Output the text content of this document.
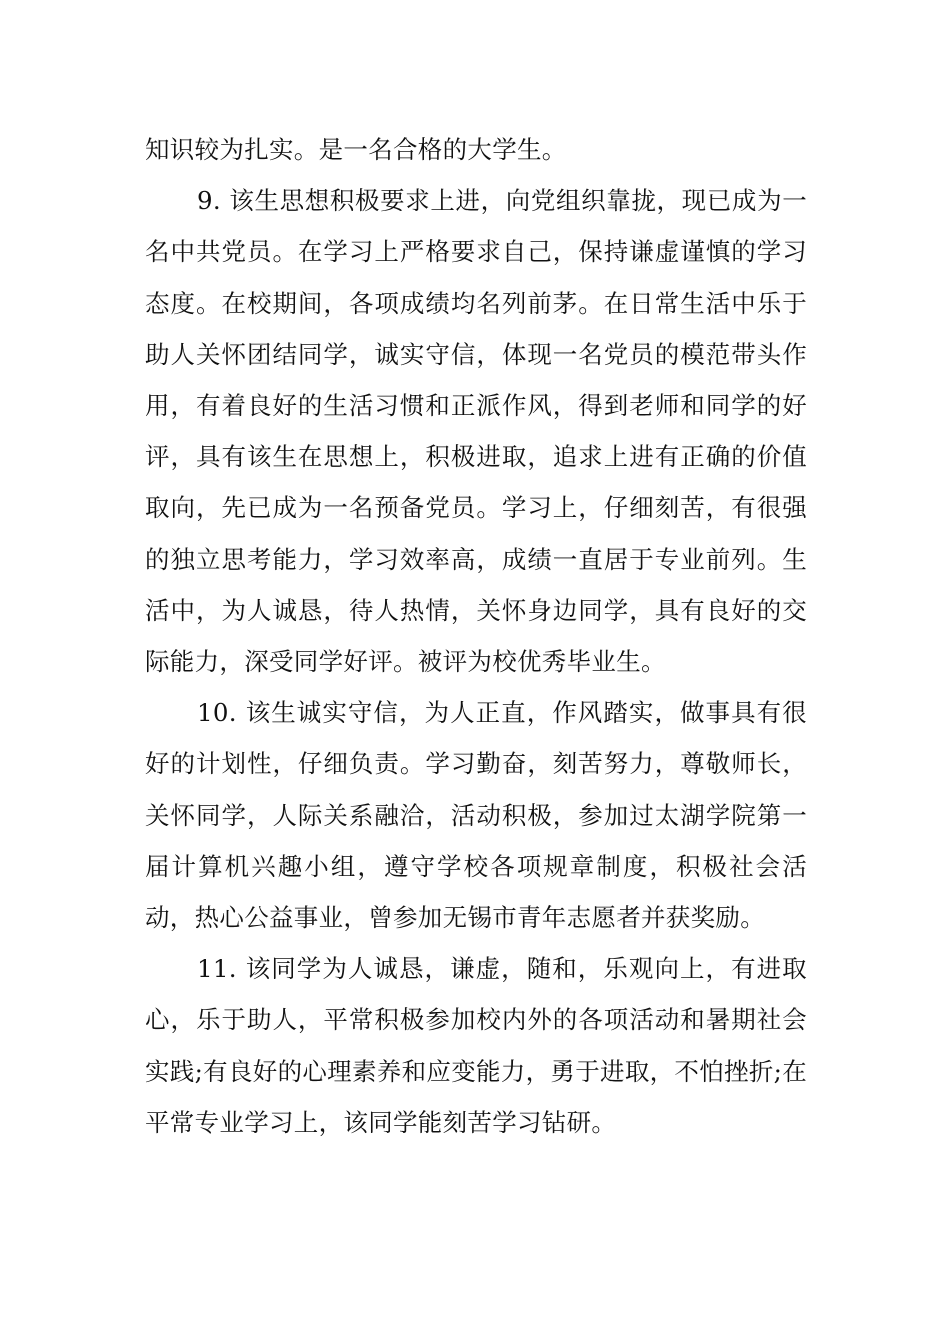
知识较为扎实。是一名合格的大学生。

9. 该生思想积极要求上进，向党组织靠拢，现已成为一名中共党员。在学习上严格要求自己，保持谦虚谨慎的学习态度。在校期间，各项成绩均名列前茅。在日常生活中乐于助人关怀团结同学，诚实守信，体现一名党员的模范带头作用，有着良好的生活习惯和正派作风，得到老师和同学的好评，具有该生在思想上，积极进取，追求上进有正确的价值取向，先已成为一名预备党员。学习上，仔细刻苦，有很强的独立思考能力，学习效率高，成绩一直居于专业前列。生活中，为人诚恳，待人热情，关怀身边同学，具有良好的交际能力，深受同学好评。被评为校优秀毕业生。

10. 该生诚实守信，为人正直，作风踏实，做事具有很好的计划性，仔细负责。学习勤奋，刻苦努力，尊敬师长，关怀同学，人际关系融洽，活动积极，参加过太湖学院第一届计算机兴趣小组，遵守学校各项规章制度，积极社会活动，热心公益事业，曾参加无锡市青年志愿者并获奖励。

11. 该同学为人诚恳，谦虚，随和，乐观向上，有进取心，乐于助人，平常积极参加校内外的各项活动和暑期社会实践;有良好的心理素养和应变能力，勇于进取，不怕挫折;在平常专业学习上，该同学能刻苦学习钻研。
